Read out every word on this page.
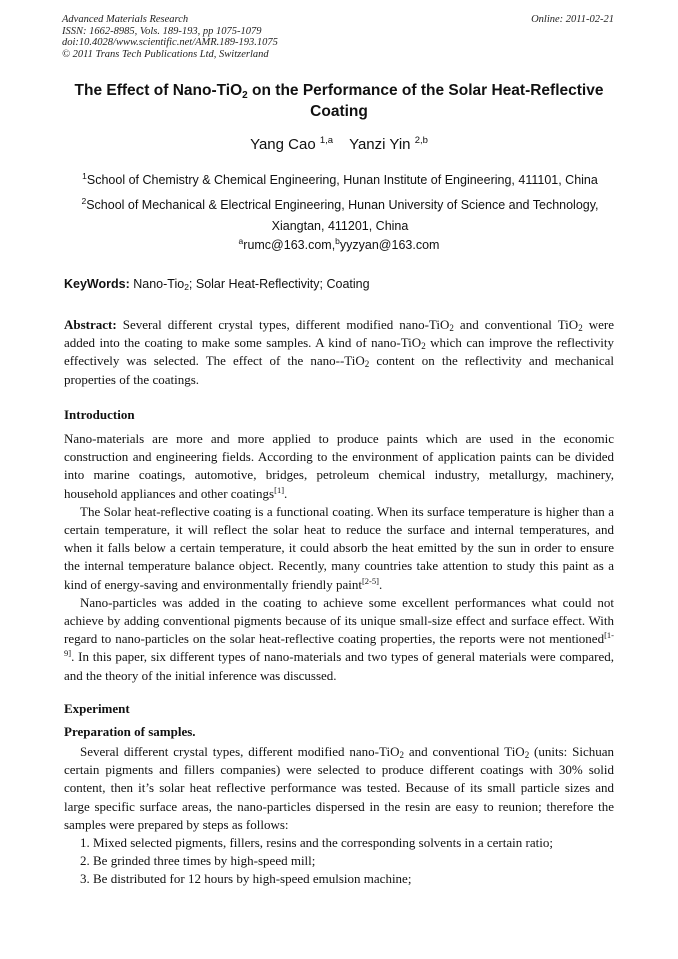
Advanced Materials Research
ISSN: 1662-8985, Vols. 189-193, pp 1075-1079
doi:10.4028/www.scientific.net/AMR.189-193.1075
© 2011 Trans Tech Publications Ltd, Switzerland
Online: 2011-02-21
The Effect of Nano-TiO$_2$ on the Performance of the Solar Heat-Reflective
Coating
Yang Cao $^{1,a}$ Yanzi Yin $^{2,b}$
$^1$School of Chemistry & Chemical Engineering, Hunan Institute of Engineering, 411101, China
$^2$School of Mechanical & Electrical Engineering, Hunan University of Science and Technology,
Xiangtan, 411201, China
$^a$rumc@163.com,$^b$yyzyan@163.com
KeyWords: Nano-Tio$_2$; Solar Heat-Reflectivity; Coating

Abstract: Several different crystal types, different modified nano-TiO$_2$ and conventional TiO$_2$ were added into the coating to make some samples. A kind of nano-TiO$_2$ which can improve the reflectivity effectively was selected. The effect of the nano--TiO$_2$ content on the reflectivity and mechanical properties of the coatings.

Introduction

Nano-materials are more and more applied to produce paints which are used in the economic construction and engineering fields. According to the environment of application paints can be divided into marine coatings, automotive, bridges, petroleum chemical industry, metallurgy, machinery, household appliances and other coatings[1].

The Solar heat-reflective coating is a functional coating. When its surface temperature is higher than a certain temperature, it will reflect the solar heat to reduce the surface and internal temperatures, and when it falls below a certain temperature, it could absorb the heat emitted by the sun in order to ensure the internal temperature balance object. Recently, many countries take attention to study this paint as a kind of energy-saving and environmentally friendly paint[2-5].

Nano-particles was added in the coating to achieve some excellent performances what could not achieve by adding conventional pigments because of its unique small-size effect and surface effect. With regard to nano-particles on the solar heat-reflective coating properties, the reports were not mentioned[1-9]. In this paper, six different types of nano-materials and two types of general materials were compared, and the theory of the initial inference was discussed.

Experiment
Preparation of samples.

Several different crystal types, different modified nano-TiO$_2$ and conventional TiO$_2$ (units: Sichuan certain pigments and fillers companies) were selected to produce different coatings with 30% solid content, then it’s solar heat reflective performance was tested. Because of its small particle sizes and large specific surface areas, the nano-particles dispersed in the resin are easy to reunion; therefore the samples were prepared by steps as follows:

1. Mixed selected pigments, fillers, resins and the corresponding solvents in a certain ratio;
2. Be grinded three times by high-speed mill;
3. Be distributed for 12 hours by high-speed emulsion machine;
